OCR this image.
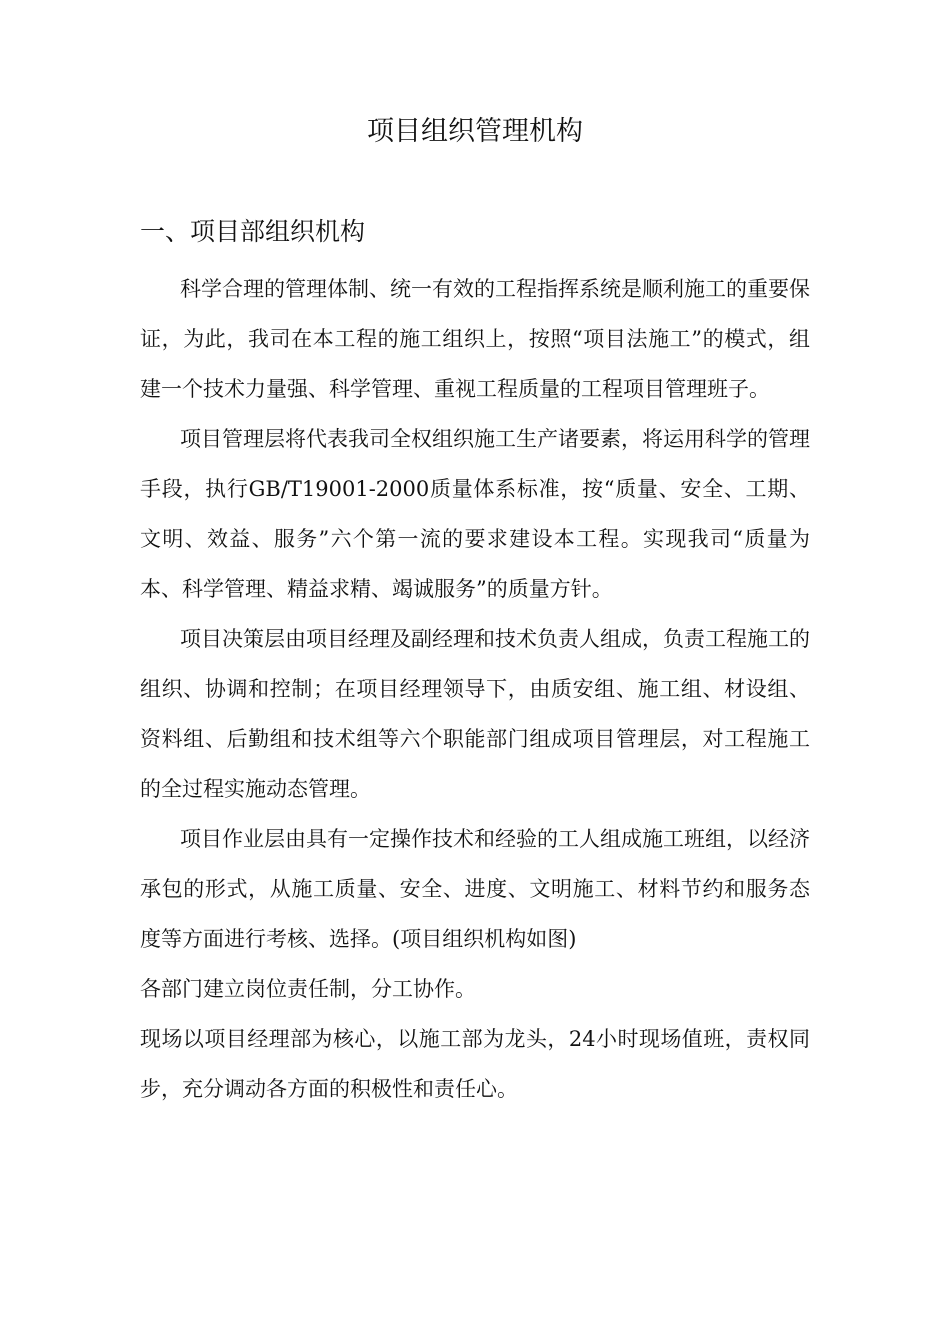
项目组织管理机构
一、项目部组织机构

科学合理的管理体制、统一有效的工程指挥系统是顺利施工的重要保证，为此，我司在本工程的施工组织上，按照“项目法施工”的模式，组建一个技术力量强、科学管理、重视工程质量的工程项目管理班子。

项目管理层将代表我司全权组织施工生产诸要素，将运用科学的管理手段，执行GB/T19001-2000质量体系标准，按“质量、安全、工期、文明、效益、服务”六个第一流的要求建设本工程。实现我司“质量为本、科学管理、精益求精、竭诚服务”的质量方针。

项目决策层由项目经理及副经理和技术负责人组成，负责工程施工的组织、协调和控制；在项目经理领导下，由质安组、施工组、材设组、资料组、后勤组和技术组等六个职能部门组成项目管理层，对工程施工的全过程实施动态管理。

项目作业层由具有一定操作技术和经验的工人组成施工班组，以经济承包的形式，从施工质量、安全、进度、文明施工、材料节约和服务态度等方面进行考核、选择。(项目组织机构如图)

各部门建立岗位责任制，分工协作。

现场以项目经理部为核心，以施工部为龙头，24小时现场值班，责权同步，充分调动各方面的积极性和责任心。
